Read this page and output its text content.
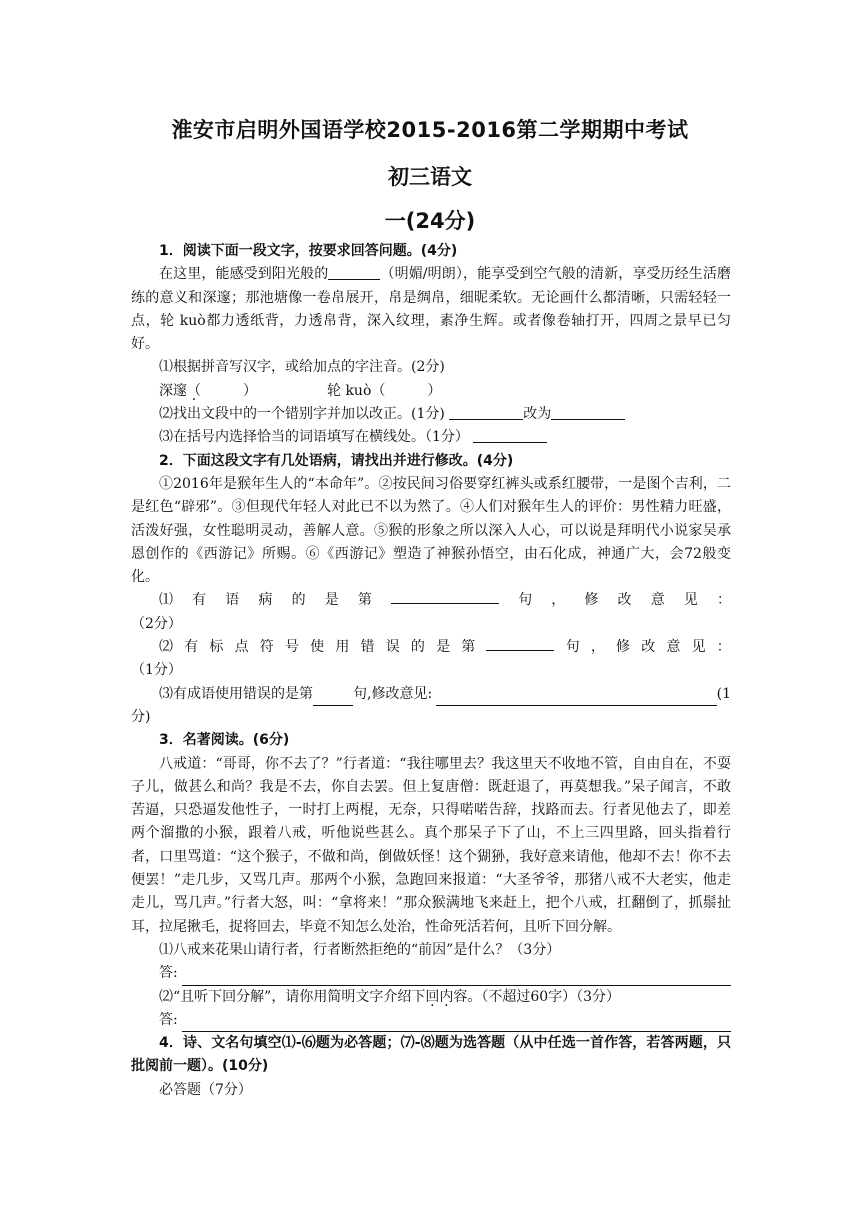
淮安市启明外国语学校2015-2016第二学期期中考试
初三语文
一(24分)

1．阅读下面一段文字，按要求回答问题。(4分)

在这里，能感受到阳光般的	（明媚/明朗），能享受到空气般的清新，享受历经生活磨练的意义和深邃；那池塘像一卷帛展开，帛是绸帛，细昵柔软。无论画什么都清晰，只需轻轻一点，轮 kuò都力透纸背，力透帛背，深入纹理，素净生辉。或者像卷轴打开，四周之景早已匀好。

⑴根据拼音写汉字，或给加点的字注音。(2分)

深邃（　　　）	轮 kuò（　　　）

⑵找出文段中的一个错别字并加以改正。(1分)	改为

⑶在括号内选择恰当的词语填写在横线处。（1分）

2．下面这段文字有几处语病，请找出并进行修改。(4分)

①2016年是猴年生人的“本命年”。②按民间习俗要穿红裤头或系红腰带，一是图个吉利，二是红色“辟邪”。③但现代年轻人对此已不以为然了。④人们对猴年生人的评价：男性精力旺盛，活泼好强，女性聪明灵动，善解人意。⑤猴的形象之所以深入人心，可以说是拜明代小说家吴承恩创作的《西游记》所赐。⑥《西游记》塑造了神猴孙悟空，由石化成，神通广大，会72般变化。

⑴ 有 语 病 的 是 第	句 ， 修 改 意 见 ：

（2分）

⑵ 有 标 点 符 号 使 用 错 误 的 是 第	句 ， 修 改 意 见 ：

（1分）

⑶有成语使用错误的是第	句,修改意见:	(1

分)

3．名著阅读。(6分)

八戒道：“哥哥，你不去了？”行者道：“我往哪里去？我这里天不收地不管，自由自在，不耍子儿，做甚么和尚？我是不去，你自去罢。但上复唐僧：既赶退了，再莫想我。”呆子闻言，不敢苦逼，只恐逼发他性子，一时打上两棍，无奈，只得喏喏告辞，找路而去。行者见他去了，即差两个溜撒的小猴，跟着八戒，听他说些甚么。真个那呆子下了山，不上三四里路，回头指着行者，口里骂道：“这个猴子，不做和尚，倒做妖怪！这个猢狲，我好意来请他，他却不去！你不去便罢！”走几步，又骂几声。那两个小猴，急跑回来报道：“大圣爷爷，那猪八戒不大老实，他走走儿，骂几声。”行者大怒，叫：“拿将来！”那众猴满地飞来赶上，把个八戒，扛翻倒了，抓鬃扯耳，拉尾揪毛，捉将回去，毕竟不知怎么处治，性命死活若何，且听下回分解。

⑴八戒来花果山请行者，行者断然拒绝的“前因”是什么？（3分）

答:

⑵“且听下回分解”，请你用简明文字介绍下回内容。（不超过60字）（3分）

答:

4．诗、文名句填空⑴-⑹题为必答题；⑺-⑻题为选答题（从中任选一首作答，若答两题，只批阅前一题）。(10分)

必答题（7分）
